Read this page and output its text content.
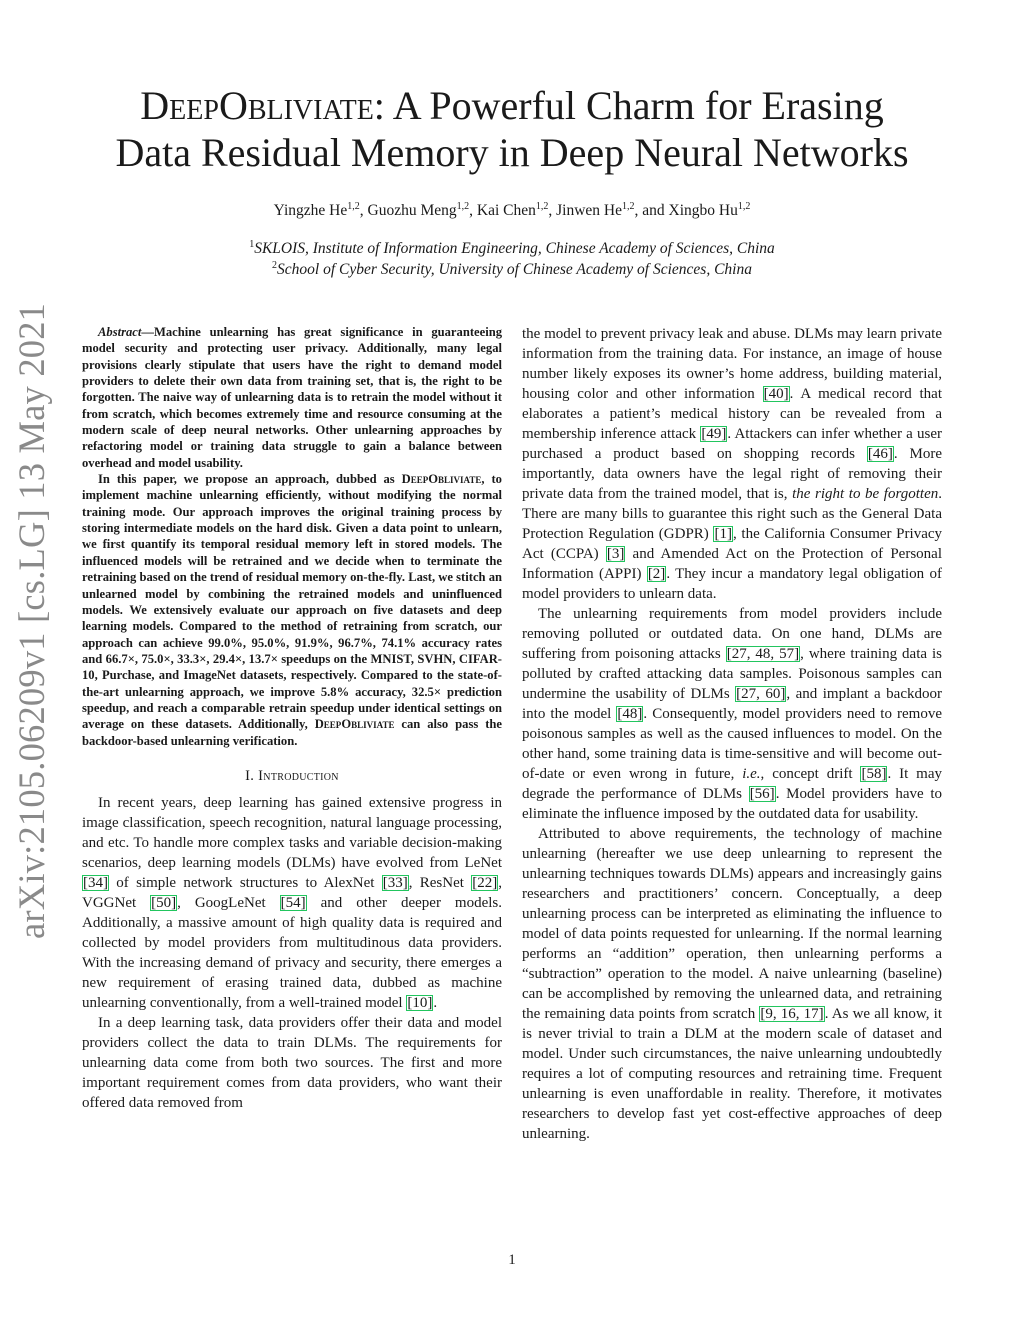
arXiv:2105.06209v1 [cs.LG] 13 May 2021
DeepObliviate: A Powerful Charm for Erasing
Data Residual Memory in Deep Neural Networks
Yingzhe He$^{1,2}$, Guozhu Meng$^{1,2}$, Kai Chen$^{1,2}$, Jinwen He$^{1,2}$, and Xingbo Hu$^{1,2}$
$^1$SKLOIS, Institute of Information Engineering, Chinese Academy of Sciences, China
$^2$School of Cyber Security, University of Chinese Academy of Sciences, China

Abstract—Machine unlearning has great significance in guaranteeing model security and protecting user privacy. Additionally, many legal provisions clearly stipulate that users have the right to demand model providers to delete their own data from training set, that is, the right to be forgotten. The naive way of unlearning data is to retrain the model without it from scratch, which becomes extremely time and resource consuming at the modern scale of deep neural networks. Other unlearning approaches by refactoring model or training data struggle to gain a balance between overhead and model usability.

In this paper, we propose an approach, dubbed as DeepObliviate, to implement machine unlearning efficiently, without modifying the normal training mode. Our approach improves the original training process by storing intermediate models on the hard disk. Given a data point to unlearn, we first quantify its temporal residual memory left in stored models. The influenced models will be retrained and we decide when to terminate the retraining based on the trend of residual memory on-the-fly. Last, we stitch an unlearned model by combining the retrained models and uninfluenced models. We extensively evaluate our approach on five datasets and deep learning models. Compared to the method of retraining from scratch, our approach can achieve 99.0%, 95.0%, 91.9%, 96.7%, 74.1% accuracy rates and 66.7×, 75.0×, 33.3×, 29.4×, 13.7× speedups on the MNIST, SVHN, CIFAR-10, Purchase, and ImageNet datasets, respectively. Compared to the state-of-the-art unlearning approach, we improve 5.8% accuracy, 32.5× prediction speedup, and reach a comparable retrain speedup under identical settings on average on these datasets. Additionally, DeepObliviate can also pass the backdoor-based unlearning verification.

I. Introduction

In recent years, deep learning has gained extensive progress in image classification, speech recognition, natural language processing, and etc. To handle more complex tasks and variable decision-making scenarios, deep learning models (DLMs) have evolved from LeNet [34] of simple network structures to AlexNet [33], ResNet [22], VGGNet [50], GoogLeNet [54] and other deeper models. Additionally, a massive amount of high quality data is required and collected by model providers from multitudinous data providers. With the increasing demand of privacy and security, there emerges a new requirement of erasing trained data, dubbed as machine unlearning conventionally, from a well-trained model [10].

In a deep learning task, data providers offer their data and model providers collect the data to train DLMs. The requirements for unlearning data come from both two sources. The first and more important requirement comes from data providers, who want their offered data removed from

the model to prevent privacy leak and abuse. DLMs may learn private information from the training data. For instance, an image of house number likely exposes its owner’s home address, building material, housing color and other information [40]. A medical record that elaborates a patient’s medical history can be revealed from a membership inference attack [49]. Attackers can infer whether a user purchased a product based on shopping records [46]. More importantly, data owners have the legal right of removing their private data from the trained model, that is, the right to be forgotten. There are many bills to guarantee this right such as the General Data Protection Regulation (GDPR) [1], the California Consumer Privacy Act (CCPA) [3] and Amended Act on the Protection of Personal Information (APPI) [2]. They incur a mandatory legal obligation of model providers to unlearn data.

The unlearning requirements from model providers include removing polluted or outdated data. On one hand, DLMs are suffering from poisoning attacks [27, 48, 57], where training data is polluted by crafted attacking data samples. Poisonous samples can undermine the usability of DLMs [27, 60], and implant a backdoor into the model [48]. Consequently, model providers need to remove poisonous samples as well as the caused influences to model. On the other hand, some training data is time-sensitive and will become out-of-date or even wrong in future, i.e., concept drift [58]. It may degrade the performance of DLMs [56]. Model providers have to eliminate the influence imposed by the outdated data for usability.

Attributed to above requirements, the technology of machine unlearning (hereafter we use deep unlearning to represent the unlearning techniques towards DLMs) appears and increasingly gains researchers and practitioners’ concern. Conceptually, a deep unlearning process can be interpreted as eliminating the influence to model of data points requested for unlearning. If the normal learning performs an “addition” operation, then unlearning performs a “subtraction” operation to the model. A naive unlearning (baseline) can be accomplished by removing the unlearned data, and retraining the remaining data points from scratch [9, 16, 17]. As we all know, it is never trivial to train a DLM at the modern scale of dataset and model. Under such circumstances, the naive unlearning undoubtedly requires a lot of computing resources and retraining time. Frequent unlearning is even unaffordable in reality. Therefore, it motivates researchers to develop fast yet cost-effective approaches of deep unlearning.

1
